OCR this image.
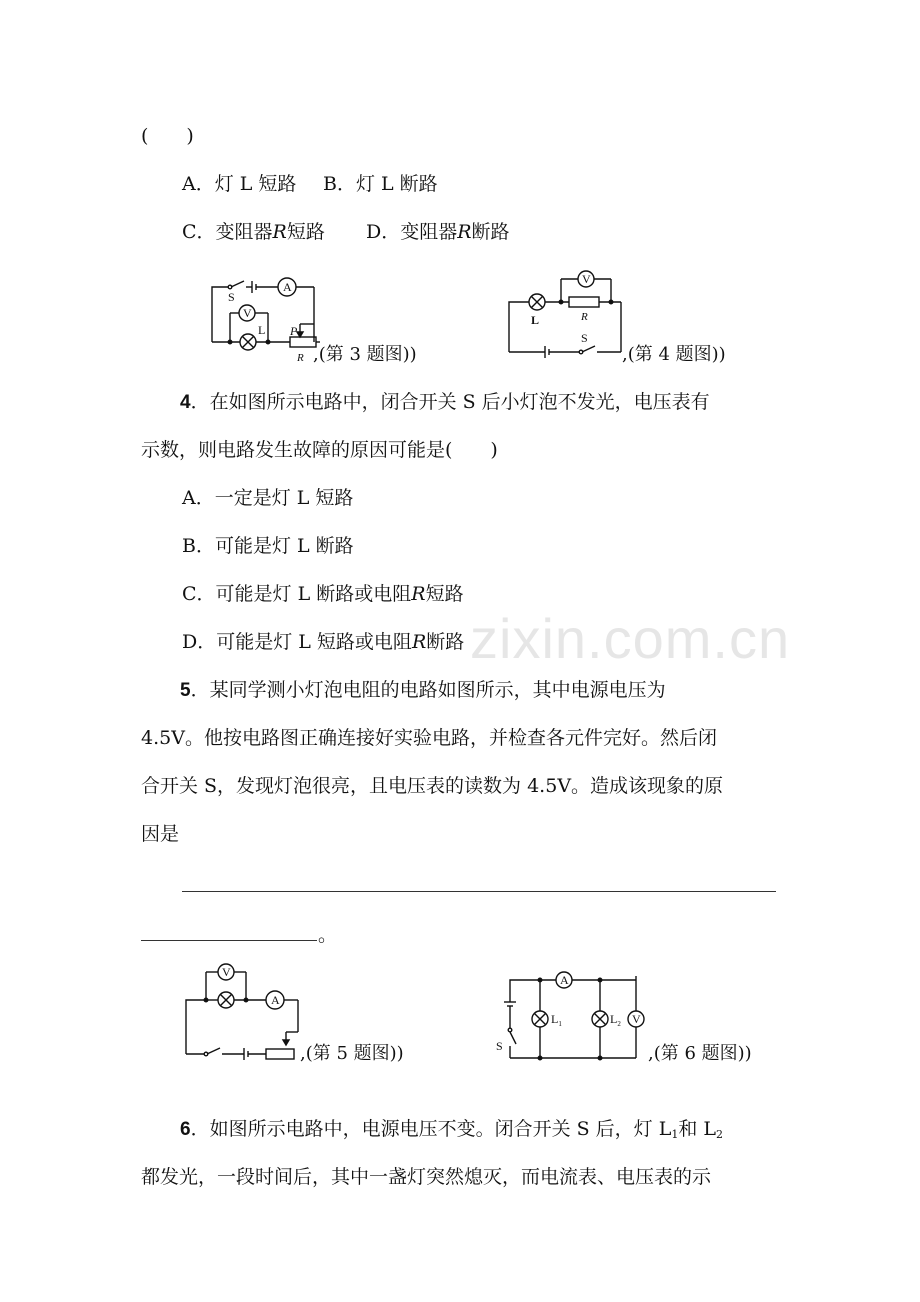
zixin.com.cn
(　　)
A．灯 L 短路 B．灯 L 断路
C．变阻器R短路 D．变阻器R断路
A
V
S
L P
R ,(第 3 题图))
V
L	R
S
,(第 4 题图))
4．在如图所示电路中，闭合开关 S 后小灯泡不发光，电压表有
示数，则电路发生故障的原因可能是(　　)
A．一定是灯 L 短路
B．可能是灯 L 断路
C．可能是灯 L 断路或电阻R短路
D．可能是灯 L 短路或电阻R断路
5．某同学测小灯泡电阻的电路如图所示，其中电源电压为
4.5V。他按电路图正确连接好实验电路，并检查各元件完好。然后闭
合开关 S，发现灯泡很亮，且电压表的读数为 4.5V。造成该现象的原
因是
。
V
A
,(第 5 题图))
A
V
S
$L_1$	$L_2$
,(第 6 题图))
6．如图所示电路中，电源电压不变。闭合开关 S 后，灯 $L_1$和 $L_2$
都发光，一段时间后，其中一盏灯突然熄灭，而电流表、电压表的示
